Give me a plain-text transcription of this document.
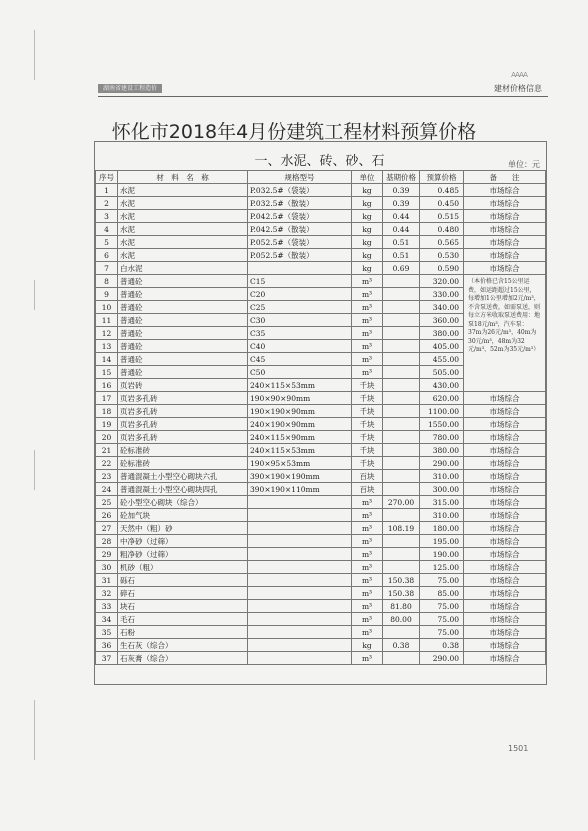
AAAA
湖南省建设工程造价	建材价格信息
怀化市2018年4月份建筑工程材料预算价格
一、水泥、砖、砂、石	单位：元
序号	材　料　名　称	规格型号	单位	基期价格	预算价格	备　　注
1	水泥	P.032.5#（袋装）	kg	0.39	0.485	市场综合
2	水泥	P.032.5#（散装）	kg	0.39	0.450	市场综合
3	水泥	P.042.5#（袋装）	kg	0.44	0.515	市场综合
4	水泥	P.042.5#（散装）	kg	0.44	0.480	市场综合
5	水泥	P.052.5#（袋装）	kg	0.51	0.565	市场综合
6	水泥	P.052.5#（散装）	kg	0.51	0.530	市场综合
7	白水泥		kg	0.69	0.590	市场综合
8	普通砼	C15	m³		320.00	（本价格已含15公里运费，如运距超过15公里，每增加1公里增加2元/m³，不含泵送费，如需泵送，则每立方米收取泵送费用：地泵18元/m³，汽车泵：37m为26元/m³，40m为30元/m³，48m为32元/m³，52m为35元/m³）
9	普通砼	C20	m³		330.00	
10	普通砼	C25	m³		340.00	
11	普通砼	C30	m³		360.00	
12	普通砼	C35	m³		380.00	
13	普通砼	C40	m³		405.00	
14	普通砼	C45	m³		455.00	
15	普通砼	C50	m³		505.00	
16	页岩砖	240×115×53mm	千块		430.00	
17	页岩多孔砖	190×90×90mm	千块		620.00	市场综合
18	页岩多孔砖	190×190×90mm	千块		1100.00	市场综合
19	页岩多孔砖	240×190×90mm	千块		1550.00	市场综合
20	页岩多孔砖	240×115×90mm	千块		780.00	市场综合
21	砼标准砖	240×115×53mm	千块		380.00	市场综合
22	砼标准砖	190×95×53mm	千块		290.00	市场综合
23	普通混凝土小型空心砌块六孔	390×190×190mm	百块		310.00	市场综合
24	普通混凝土小型空心砌块四孔	390×190×110mm	百块		300.00	市场综合
25	砼小型空心砌块（综合）		m³	270.00	315.00	市场综合
26	砼加气块		m³		310.00	市场综合
27	天然中（粗）砂		m³	108.19	180.00	市场综合
28	中净砂（过筛）		m³		195.00	市场综合
29	粗净砂（过筛）		m³		190.00	市场综合
30	机砂（粗）		m³		125.00	市场综合
31	砾石		m³	150.38	75.00	市场综合
32	碎石		m³	150.38	85.00	市场综合
33	块石		m³	81.80	75.00	市场综合
34	毛石		m³	80.00	75.00	市场综合
35	石粉		m³		75.00	市场综合
36	生石灰（综合）		kg	0.38	0.38	市场综合
37	石灰膏（综合）		m³		290.00	市场综合
1501
